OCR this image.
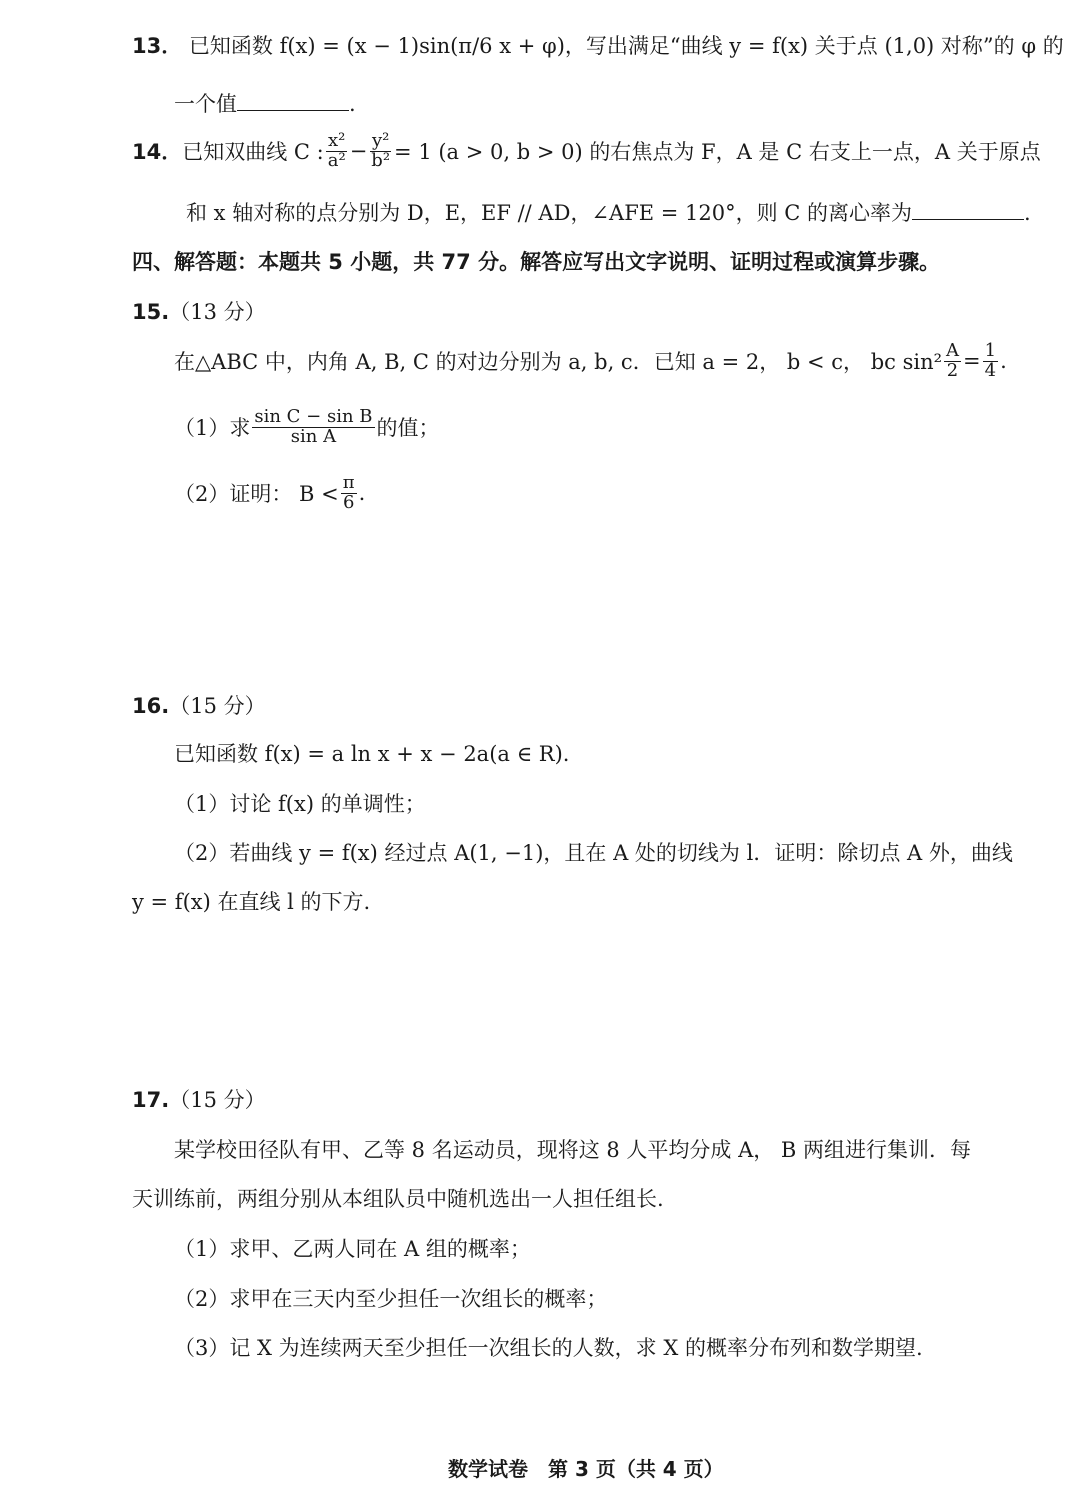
13． 已知函数 f(x) = (x − 1)sin(π/6 x + φ)，写出满足“曲线 y = f(x) 关于点 (1,0) 对称”的 φ 的
一个值	.
14． 已知双曲线 C : $\frac{\text{x²}}{\text{a²}} - \frac{\text{y²}}{\text{b²}} = 1$ (a > 0, b > 0) 的右焦点为 F，A 是 C 右支上一点，A 关于原点
和 x 轴对称的点分别为 D，E，EF // AD，∠AFE = 120°，则 C 的离心率为	.
四、解答题：本题共 5 小题，共 77 分。解答应写出文字说明、证明过程或演算步骤。
15.（13 分）
在△ABC 中，内角 A, B, C 的对边分别为 a, b, c．已知 a = 2， b < c， bc $\sin^2 \frac{A}{2} = \frac{1}{4}$ .
（1）求 $\frac{\text{sin C − sin B}}{\text{sin A}}$ 的值；
（2）证明： $B < \frac{\pi}{6}$ .
16.（15 分）
已知函数 f(x) = a ln x + x − 2a(a ∈ R).
（1）讨论 f(x) 的单调性；
（2）若曲线 y = f(x) 经过点 A(1, −1)，且在 A 处的切线为 l．证明：除切点 A 外，曲线
y = f(x) 在直线 l 的下方.
17.（15 分）
某学校田径队有甲、乙等 8 名运动员，现将这 8 人平均分成 A， B 两组进行集训．每
天训练前，两组分别从本组队员中随机选出一人担任组长.
（1）求甲、乙两人同在 A 组的概率；
（2）求甲在三天内至少担任一次组长的概率；
（3）记 X 为连续两天至少担任一次组长的人数，求 X 的概率分布列和数学期望.
数学试卷　第 3 页（共 4 页）
